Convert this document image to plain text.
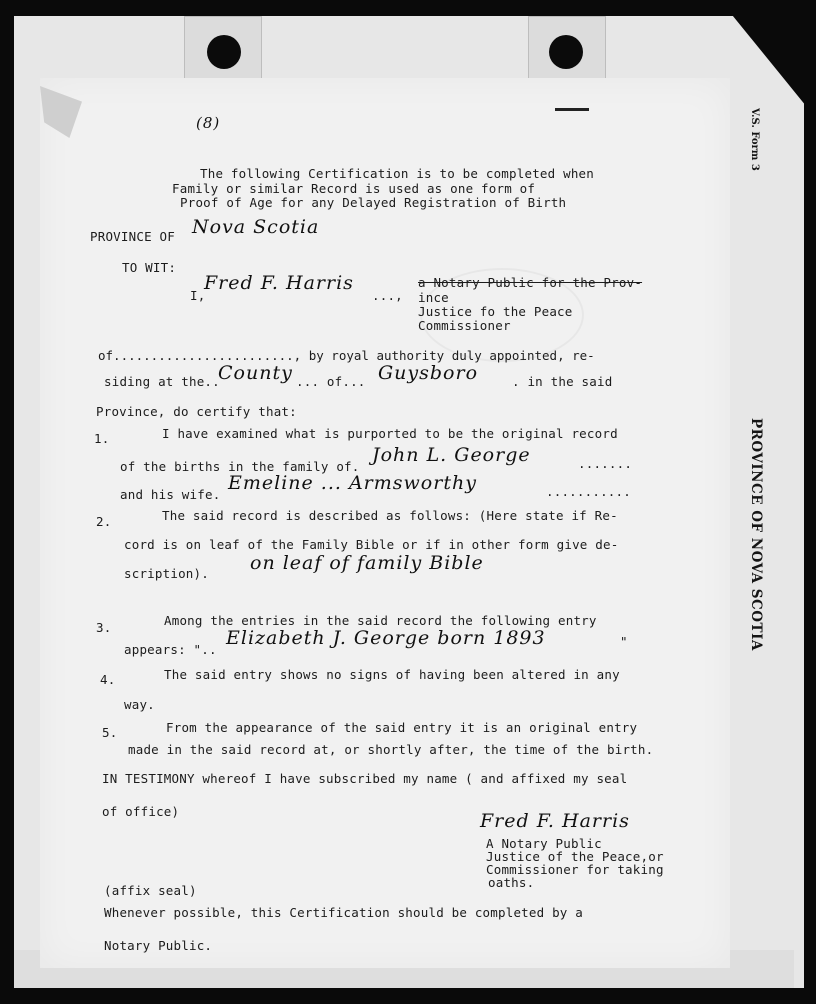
V.S. Form 3
PROVINCE OF NOVA SCOTIA
(8)
The following Certification is to be completed when
Family or similar Record is used as one form of
Proof of Age for any Delayed Registration of Birth
PROVINCE OF Nova Scotia
TO WIT:
I,
Fred F. Harris
...,
a Notary Public for the Prov-
ince
Justice fo the Peace
Commissioner
of........................, by royal authority duly appointed, re-
siding at the..
County ... of... Guysboro	. in the said
Province, do certify that:
1.	I have examined what is purported to be the original record
of the births in the family of.
John L. George	.......
and his wife.
Emeline ... Armsworthy	...........
2.	The said record is described as follows: (Here state if Re-
cord is on leaf of the Family Bible or if in other form give de-
scription). on leaf of family Bible
3.	Among the entries in the said record the following entry
appears: "..
Elizabeth J. George born 1893	"
4.	The said entry shows no signs of having been altered in any
way.
5.	From the appearance of the said entry it is an original entry
made in the said record at, or shortly after, the time of the birth.
IN TESTIMONY whereof I have subscribed my name ( and affixed my seal
of office)	Fred F. Harris
A Notary Public
Justice of the Peace,or
Commissioner for taking
oaths.
(affix seal)
Whenever possible, this Certification should be completed by a
Notary Public.
